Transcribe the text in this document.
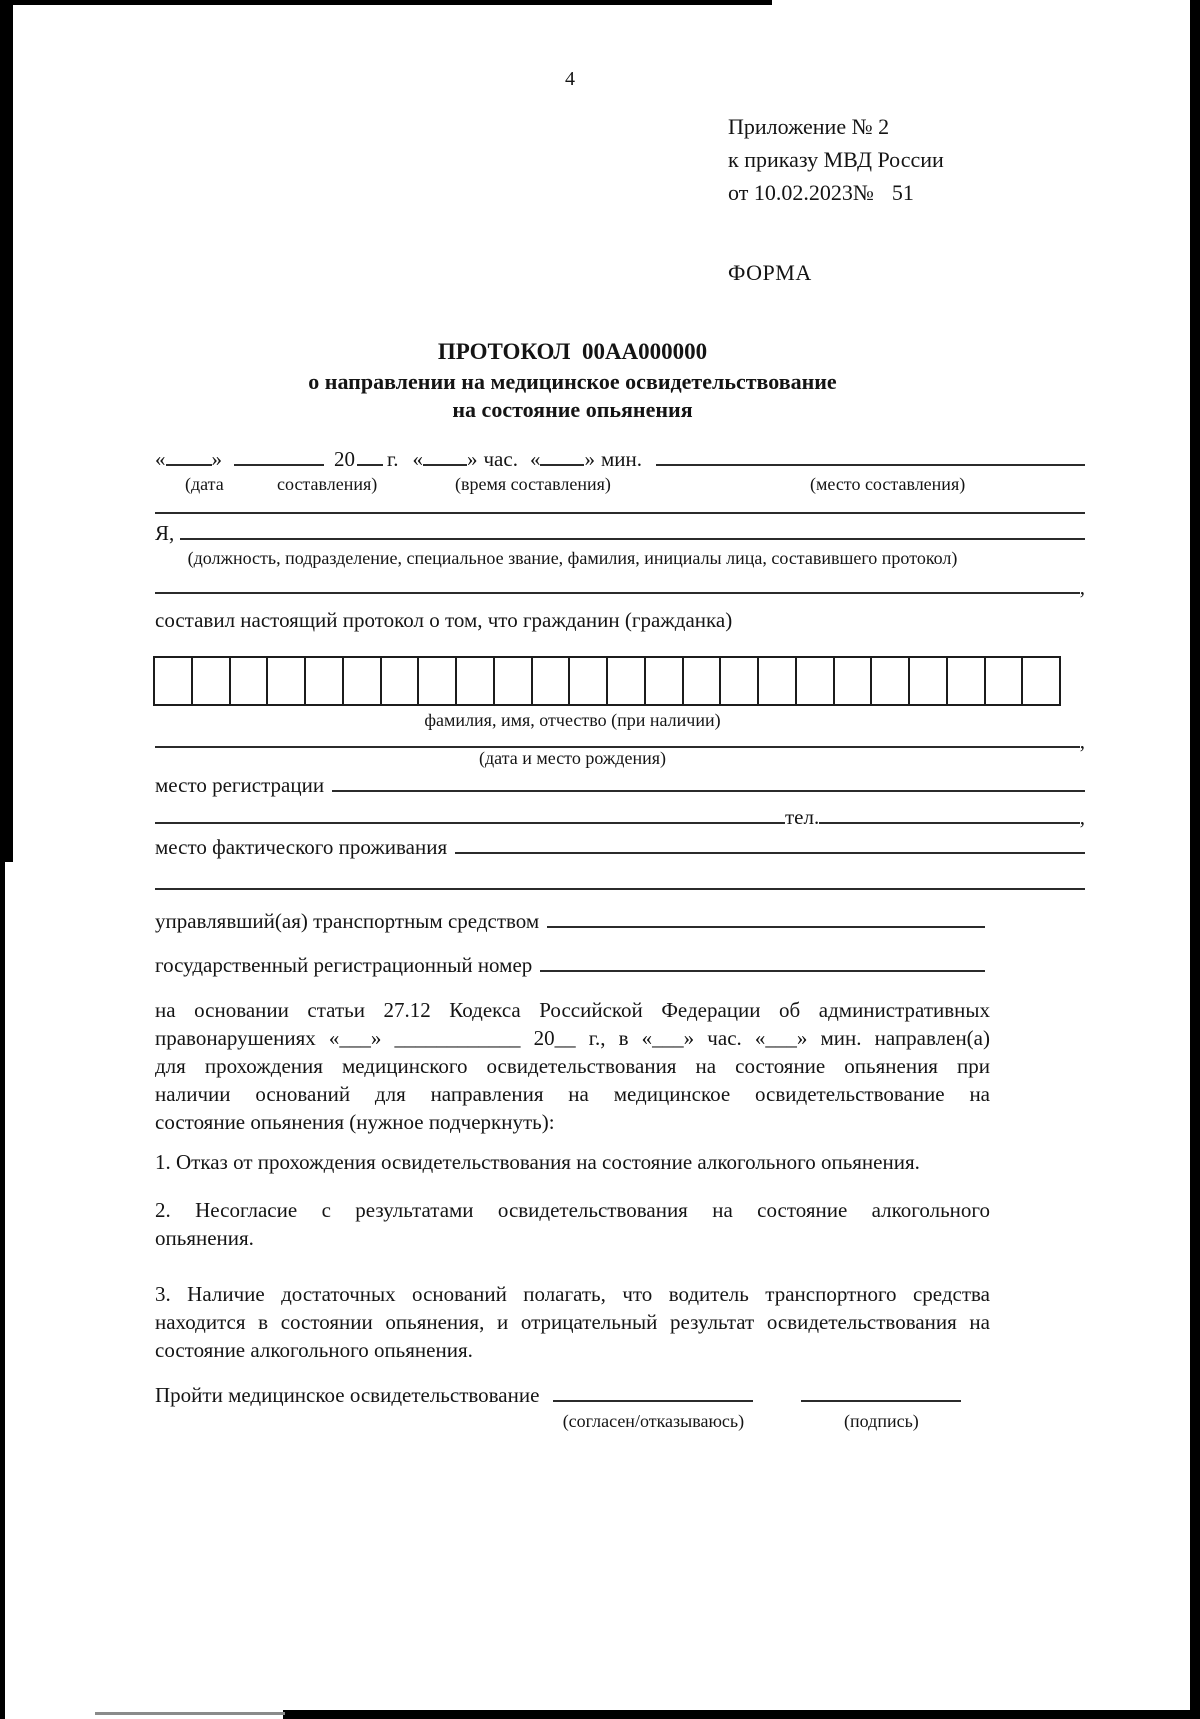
4
Приложение № 2
к приказу МВД России
от 10.02.2023№ 51
ФОРМА
ПРОТОКОЛ  00АА000000
о направлении на медицинское освидетельствование
на состояние опьянения
« »	20 г. « » час. « » мин.
(дата	составления)	(время составления)	(место составления)
Я,
(должность, подразделение, специальное звание, фамилия, инициалы лица, составившего протокол)
,
составил настоящий протокол о том, что гражданин (гражданка)
фамилия, имя, отчество (при наличии)
,
(дата и место рождения)
место регистрации
тел.	,
место фактического проживания
управлявший(ая) транспортным средством
государственный регистрационный номер
на основании статьи 27.12 Кодекса Российской Федерации об административных
правонарушениях «___» ____________ 20__ г., в «___» час. «___» мин. направлен(а)
для прохождения медицинского освидетельствования на состояние опьянения при
наличии оснований для направления на медицинское освидетельствование на
состояние опьянения (нужное подчеркнуть):
1. Отказ от прохождения освидетельствования на состояние алкогольного опьянения.
2. Несогласие с результатами освидетельствования на состояние алкогольного
опьянения.
3. Наличие достаточных оснований полагать, что водитель транспортного средства
находится в состоянии опьянения, и отрицательный результат освидетельствования на
состояние алкогольного опьянения.
Пройти медицинское освидетельствование
(согласен/отказываюсь)	(подпись)
